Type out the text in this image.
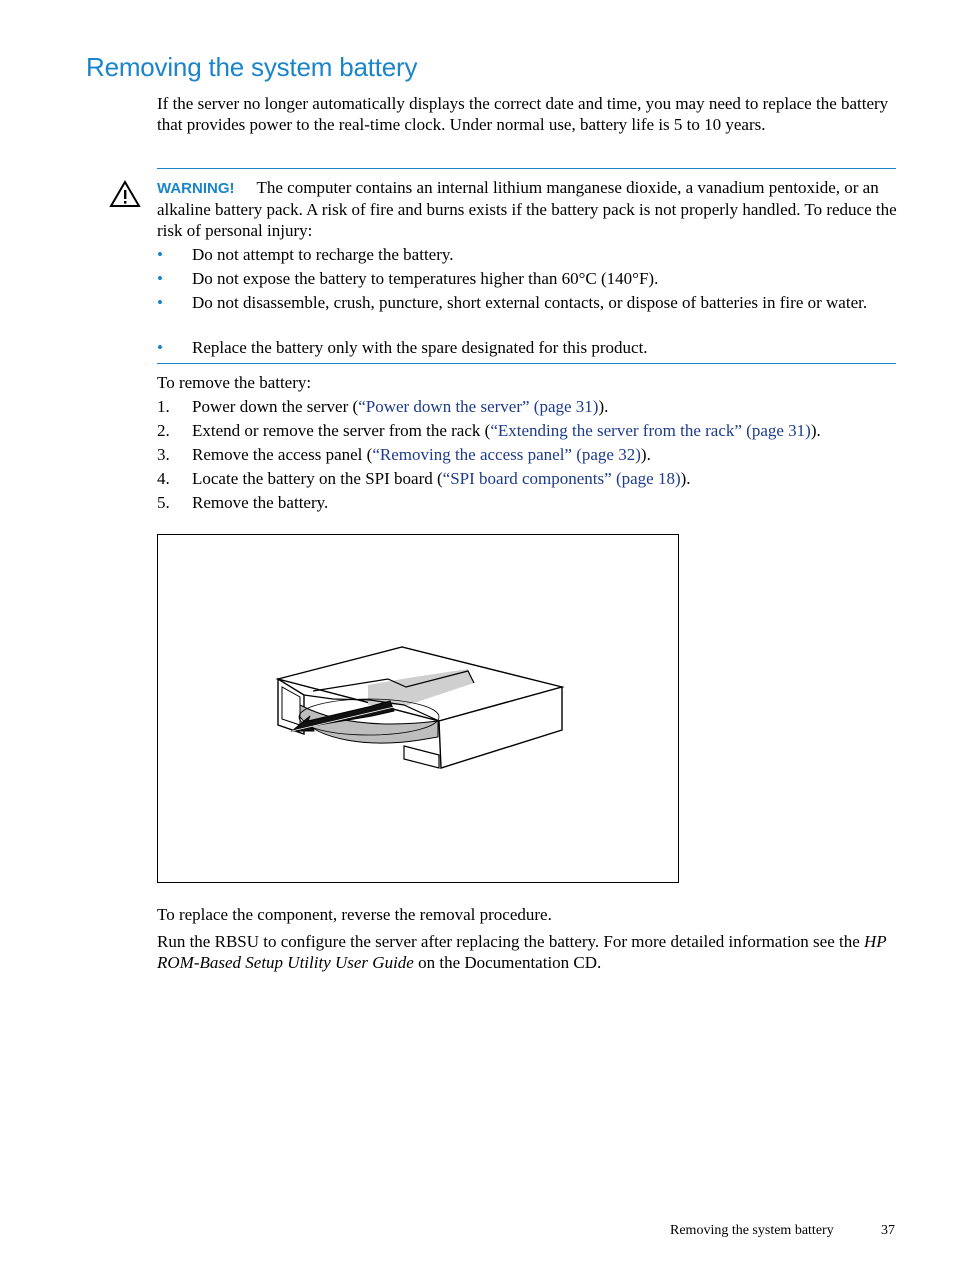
Removing the system battery

If the server no longer automatically displays the correct date and time, you may need to replace the battery that provides power to the real-time clock. Under normal use, battery life is 5 to 10 years.

WARNING! The computer contains an internal lithium manganese dioxide, a vanadium pentoxide, or an alkaline battery pack. A risk of fire and burns exists if the battery pack is not properly handled. To reduce the risk of personal injury:

• Do not attempt to recharge the battery.
• Do not expose the battery to temperatures higher than 60°C (140°F).
• Do not disassemble, crush, puncture, short external contacts, or dispose of batteries in fire or water.
• Replace the battery only with the spare designated for this product.

To remove the battery:

1. Power down the server (“Power down the server” (page 31)).
2. Extend or remove the server from the rack (“Extending the server from the rack” (page 31)).
3. Remove the access panel (“Removing the access panel” (page 32)).
4. Locate the battery on the SPI board (“SPI board components” (page 18)).
5. Remove the battery.

To replace the component, reverse the removal procedure.

Run the RBSU to configure the server after replacing the battery. For more detailed information see the HP ROM-Based Setup Utility User Guide on the Documentation CD.

Removing the system battery	37
